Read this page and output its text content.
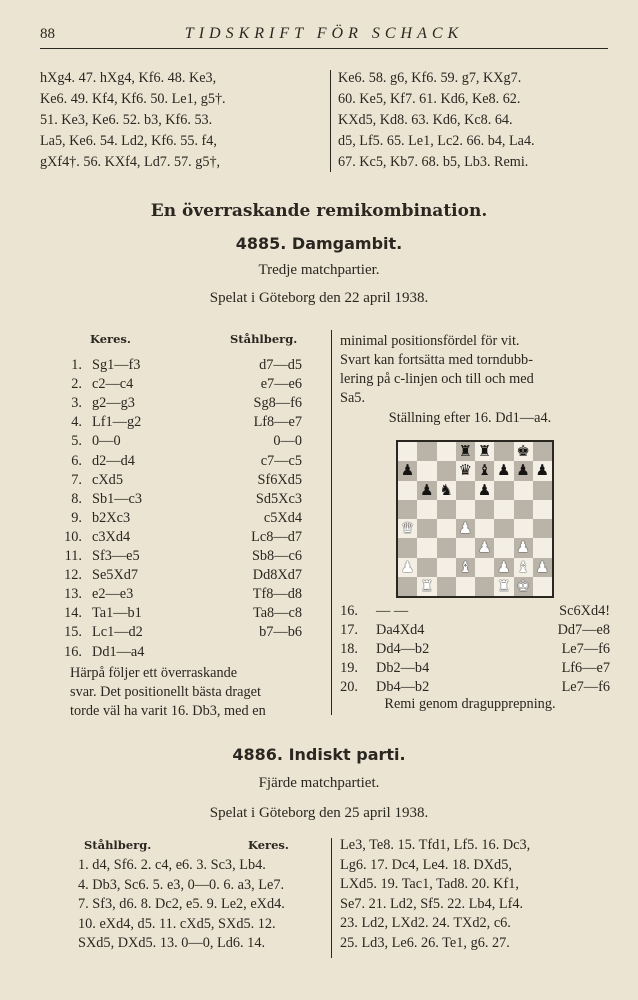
88	TIDSKRIFT FÖR SCHACK
hXg4. 47. hXg4, Kf6. 48. Ke3,
Ke6. 49. Kf4, Kf6. 50. Le1, g5†.
51. Ke3, Ke6. 52. b3, Kf6. 53.
La5, Ke6. 54. Ld2, Kf6. 55. f4,
gXf4†. 56. KXf4, Ld7. 57. g5†,
Ke6. 58. g6, Kf6. 59. g7, KXg7.
60. Ke5, Kf7. 61. Kd6, Ke8. 62.
KXd5, Kd8. 63. Kd6, Kc8. 64.
d5, Lf5. 65. Le1, Lc2. 66. b4, La4.
67. Kc5, Kb7. 68. b5, Lb3. Remi.
En överraskande remikombination.
4885. Damgambit.
Tredje matchpartier.
Spelat i Göteborg den 22 april 1938.
Keres.	Ståhlberg.
1. Sg1—f3	d7—d5
2. c2—c4	e7—e6
3. g2—g3	Sg8—f6
4. Lf1—g2	Lf8—e7
5. 0—0	0—0
6. d2—d4	c7—c5
7. cXd5	Sf6Xd5
8. Sb1—c3	Sd5Xc3
9. b2Xc3	c5Xd4
10. c3Xd4	Lc8—d7
11. Sf3—e5	Sb8—c6
12. Se5Xd7	Dd8Xd7
13. e2—e3	Tf8—d8
14. Ta1—b1	Ta8—c8
15. Lc1—d2	b7—b6
16. Dd1—a4
Härpå följer ett överraskande
svar. Det positionellt bästa draget
torde väl ha varit 16. Db3, med en
minimal positionsfördel för vit.
Svart kan fortsätta med torndubb-
lering på c-linjen och till och med
Sa5.
Ställning efter 16. Dd1—a4.
♜ ♜ ♚
♟	♛ ♝ ♟ ♟ ♟
♟ ♞ ♟
♛	♟
♟ ♟
♟	♝ ♟ ♝ ♟
♜	♜ ♚
16. — —	Sc6Xd4!
17. Da4Xd4	Dd7—e8
18. Dd4—b2	Le7—f6
19. Db2—b4	Lf6—e7
20. Db4—b2	Le7—f6
Remi genom dragupprepning.
4886. Indiskt parti.
Fjärde matchpartiet.
Spelat i Göteborg den 25 april 1938.
Ståhlberg.	Keres.
1. d4, Sf6. 2. c4, e6. 3. Sc3, Lb4.
4. Db3, Sc6. 5. e3, 0—0. 6. a3, Le7.
7. Sf3, d6. 8. Dc2, e5. 9. Le2, eXd4.
10. eXd4, d5. 11. cXd5, SXd5. 12.
SXd5, DXd5. 13. 0—0, Ld6. 14.
Le3, Te8. 15. Tfd1, Lf5. 16. Dc3,
Lg6. 17. Dc4, Le4. 18. DXd5,
LXd5. 19. Tac1, Tad8. 20. Kf1,
Se7. 21. Ld2, Sf5. 22. Lb4, Lf4.
23. Ld2, LXd2. 24. TXd2, c6.
25. Ld3, Le6. 26. Te1, g6. 27.
